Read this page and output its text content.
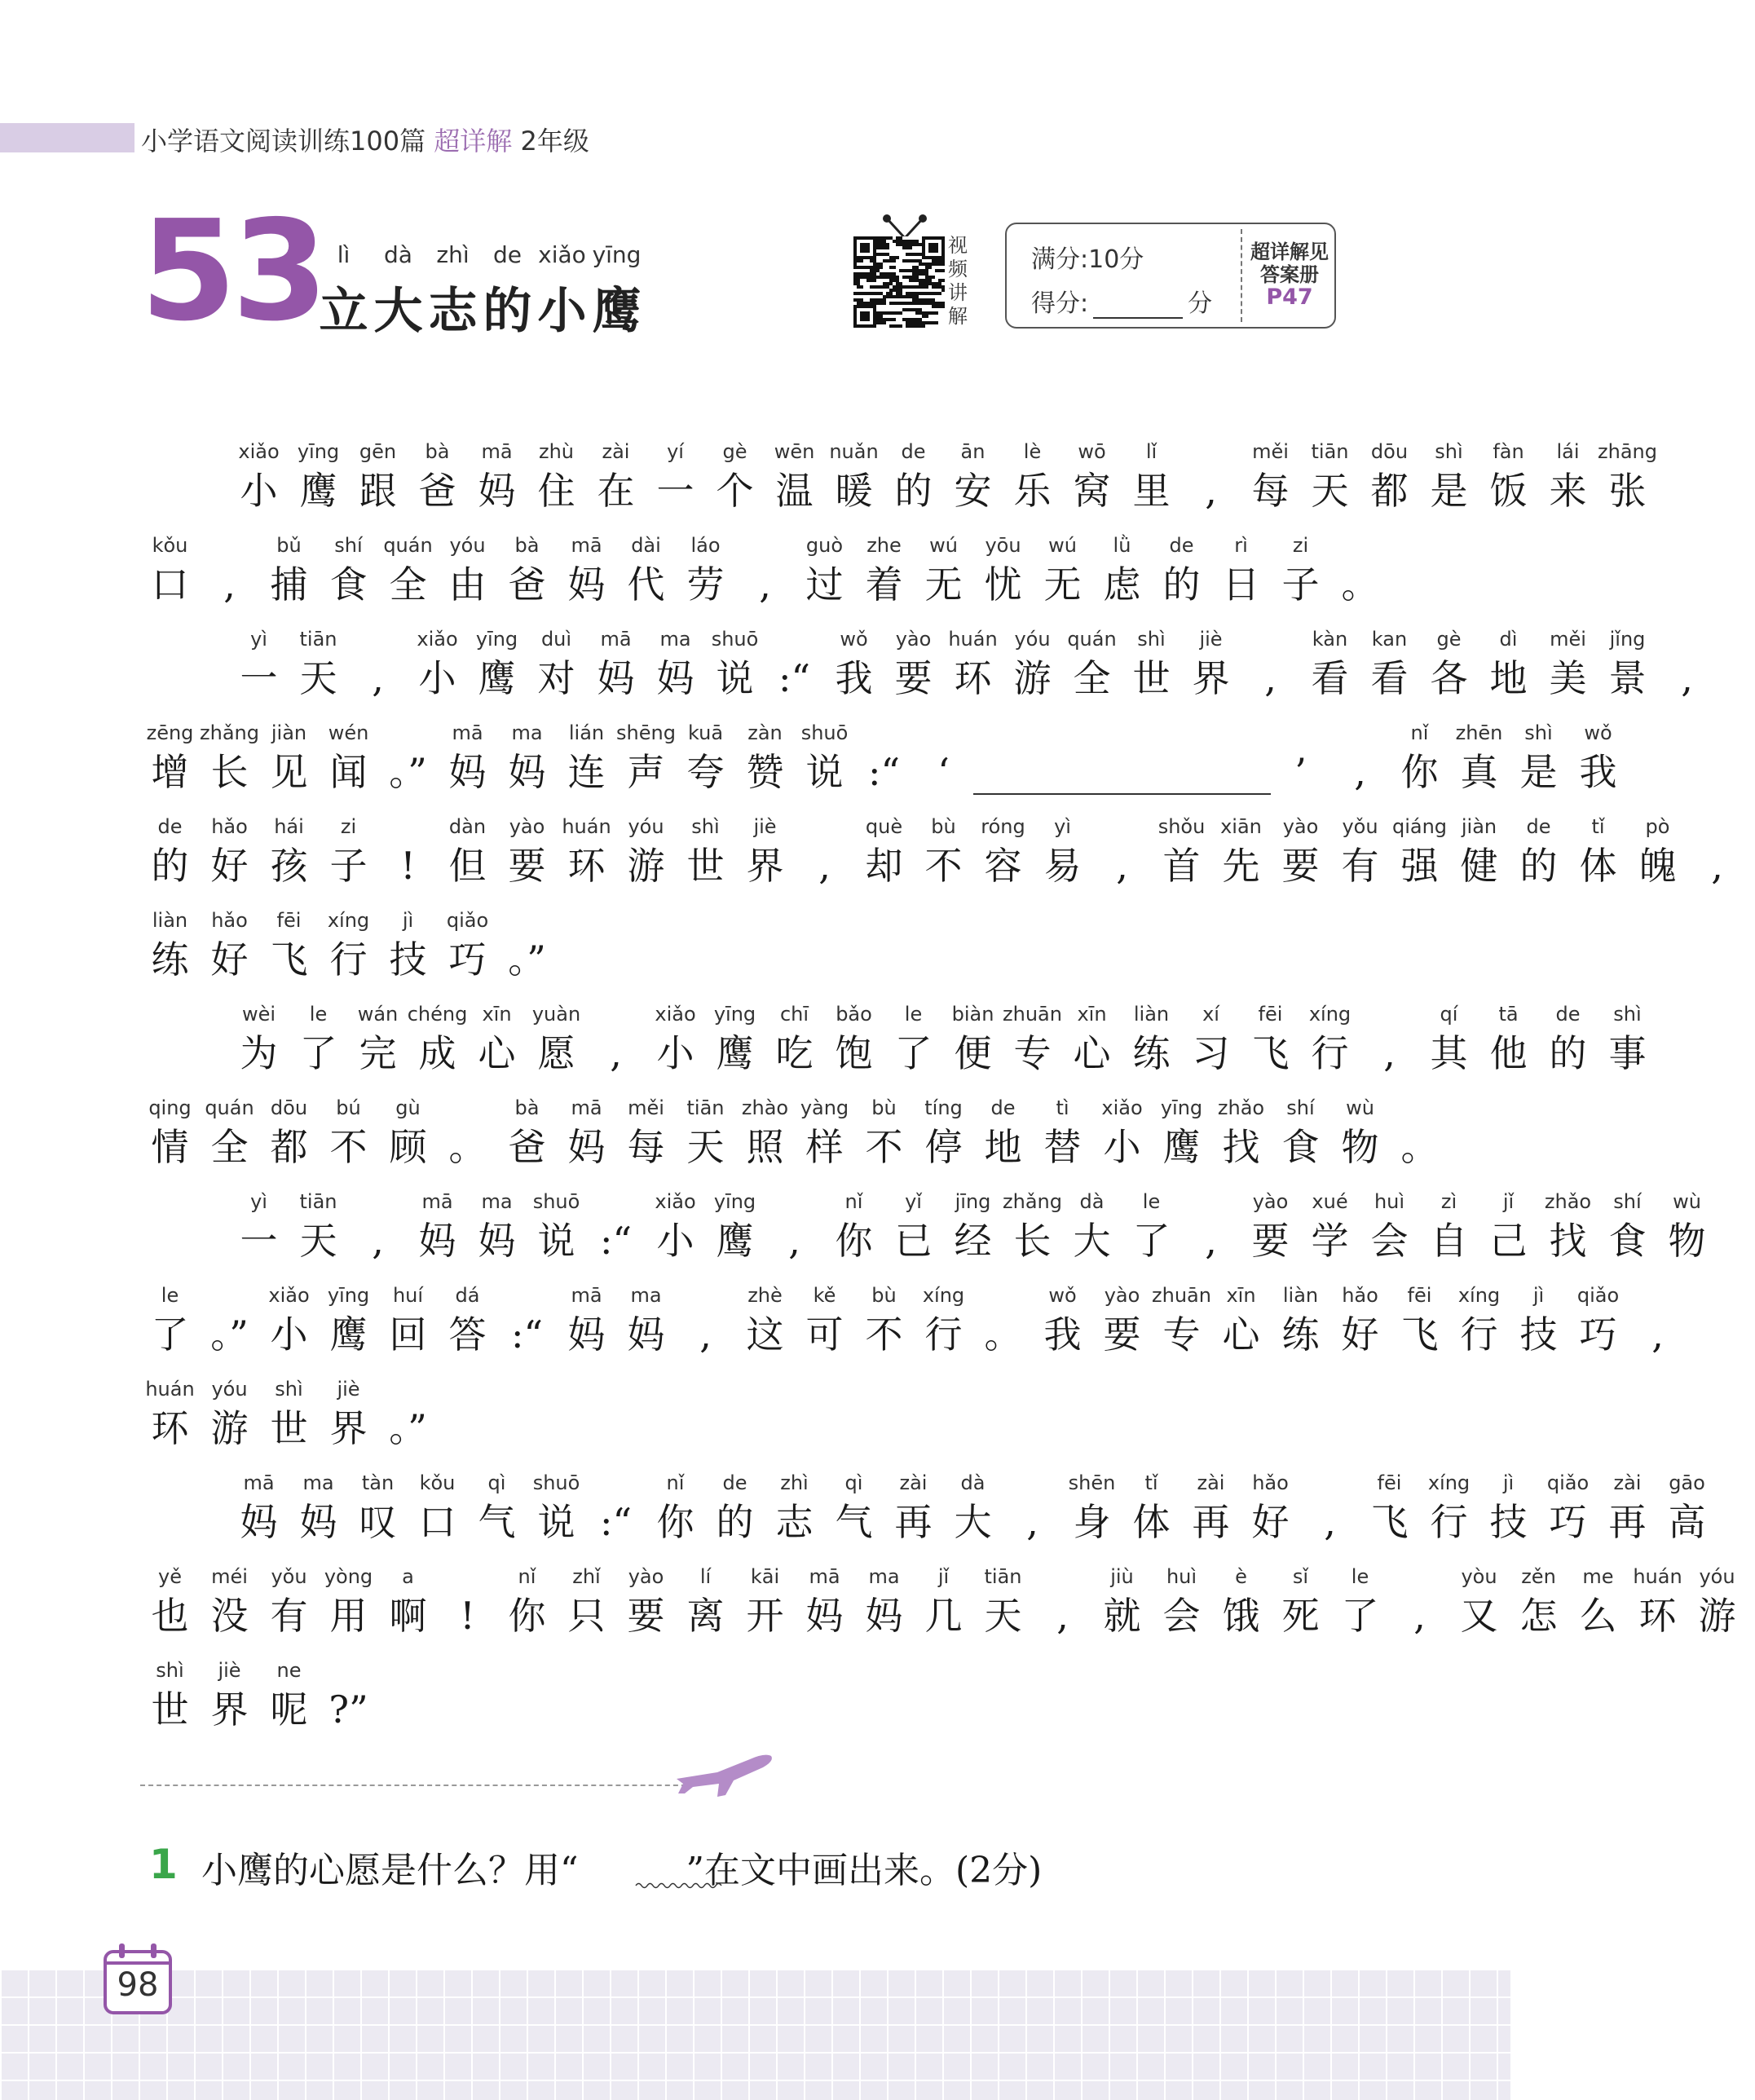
小学语文阅读训练100篇 超详解 2年级
53 lì dà zhì de xiǎo yīng
立 大 志 的 小 鹰
视频讲解
满分:10分
得分:	分
超详解见
答案册
P47
xiǎo
小
yīng
鹰
gēn
跟
bà
爸
mā
妈
zhù
住
zài
在
yí
一
gè
个
wēn
温
nuǎn
暖
de
的
ān
安
lè
乐
wō
窝
lǐ
里 ,
měi
每
tiān
天
dōu
都
shì
是
fàn
饭
lái
来
zhāng
张
kǒu
口 ,
bǔ
捕
shí
食
quán
全
yóu
由
bà
爸
mā
妈
dài
代
láo
劳 ,
guò
过
zhe
着
wú
无
yōu
忧
wú
无
lǜ
虑
de
的
rì
日
zi
子 。
yì
一
tiān
天 ,
xiǎo
小
yīng
鹰
duì
对
mā
妈
ma
妈
shuō
说 :“
wǒ
我
yào
要
huán
环
yóu
游
quán
全
shì
世
jiè
界 ,
kàn
看
kan
看
gè
各
dì
地
měi
美
jǐng
景 ,
zēng
增
zhǎng
长
jiàn
见
wén
闻 。”
mā
妈
ma
妈
lián
连
shēng
声
kuā
夸
zàn
赞
shuō
说 :“	‘	’	,
nǐ
你
zhēn
真
shì
是
wǒ
我
de
的
hǎo
好
hái
孩
zi
子 !
dàn
但
yào
要
huán
环
yóu
游
shì
世
jiè
界 ,
què
却
bù
不
róng
容
yì
易 ,
shǒu
首
xiān
先
yào
要
yǒu
有
qiáng
强
jiàn
健
de
的
tǐ
体
pò
魄 ,
liàn
练
hǎo
好
fēi
飞
xíng
行
jì
技
qiǎo
巧 。”
wèi
为
le
了
wán
完
chéng
成
xīn
心
yuàn
愿 ,
xiǎo
小
yīng
鹰
chī
吃
bǎo
饱
le
了
biàn
便
zhuān
专
xīn
心
liàn
练
xí
习
fēi
飞
xíng
行 ,
qí
其
tā
他
de
的
shì
事
qing
情
quán
全
dōu
都
bú
不
gù
顾 。
bà
爸
mā
妈
měi
每
tiān
天
zhào
照
yàng
样
bù
不
tíng
停
de
地
tì
替
xiǎo
小
yīng
鹰
zhǎo
找
shí
食
wù
物 。
yì
一
tiān
天 ,
mā
妈
ma
妈
shuō
说 :“
xiǎo
小
yīng
鹰 ,
nǐ
你
yǐ
已
jīng
经
zhǎng
长
dà
大
le
了 ,
yào
要
xué
学
huì
会
zì
自
jǐ
己
zhǎo
找
shí
食
wù
物
le
了 。”
xiǎo
小
yīng
鹰
huí
回
dá
答 :“
mā
妈
ma
妈 ,
zhè
这
kě
可
bù
不
xíng
行 。
wǒ
我
yào
要
zhuān
专
xīn
心
liàn
练
hǎo
好
fēi
飞
xíng
行
jì
技
qiǎo
巧 ,
huán
环
yóu
游
shì
世
jiè
界 。”
mā
妈
ma
妈
tàn
叹
kǒu
口
qì
气
shuō
说 :“
nǐ
你
de
的
zhì
志
qì
气
zài
再
dà
大 ,
shēn
身
tǐ
体
zài
再
hǎo
好 ,
fēi
飞
xíng
行
jì
技
qiǎo
巧
zài
再
gāo
高
yě
也
méi
没
yǒu
有
yòng
用
a
啊 !
nǐ
你
zhǐ
只
yào
要
lí
离
kāi
开
mā
妈
ma
妈
jǐ
几
tiān
天 ,
jiù
就
huì
会
è
饿
sǐ
死
le
了 ,
yòu
又
zěn
怎
me
么
huán
环
yóu
游
shì
世
jiè
界
ne
呢 ?”
1 小鹰的心愿是什么？用“　　　”在文中画出来。(2分)
98
